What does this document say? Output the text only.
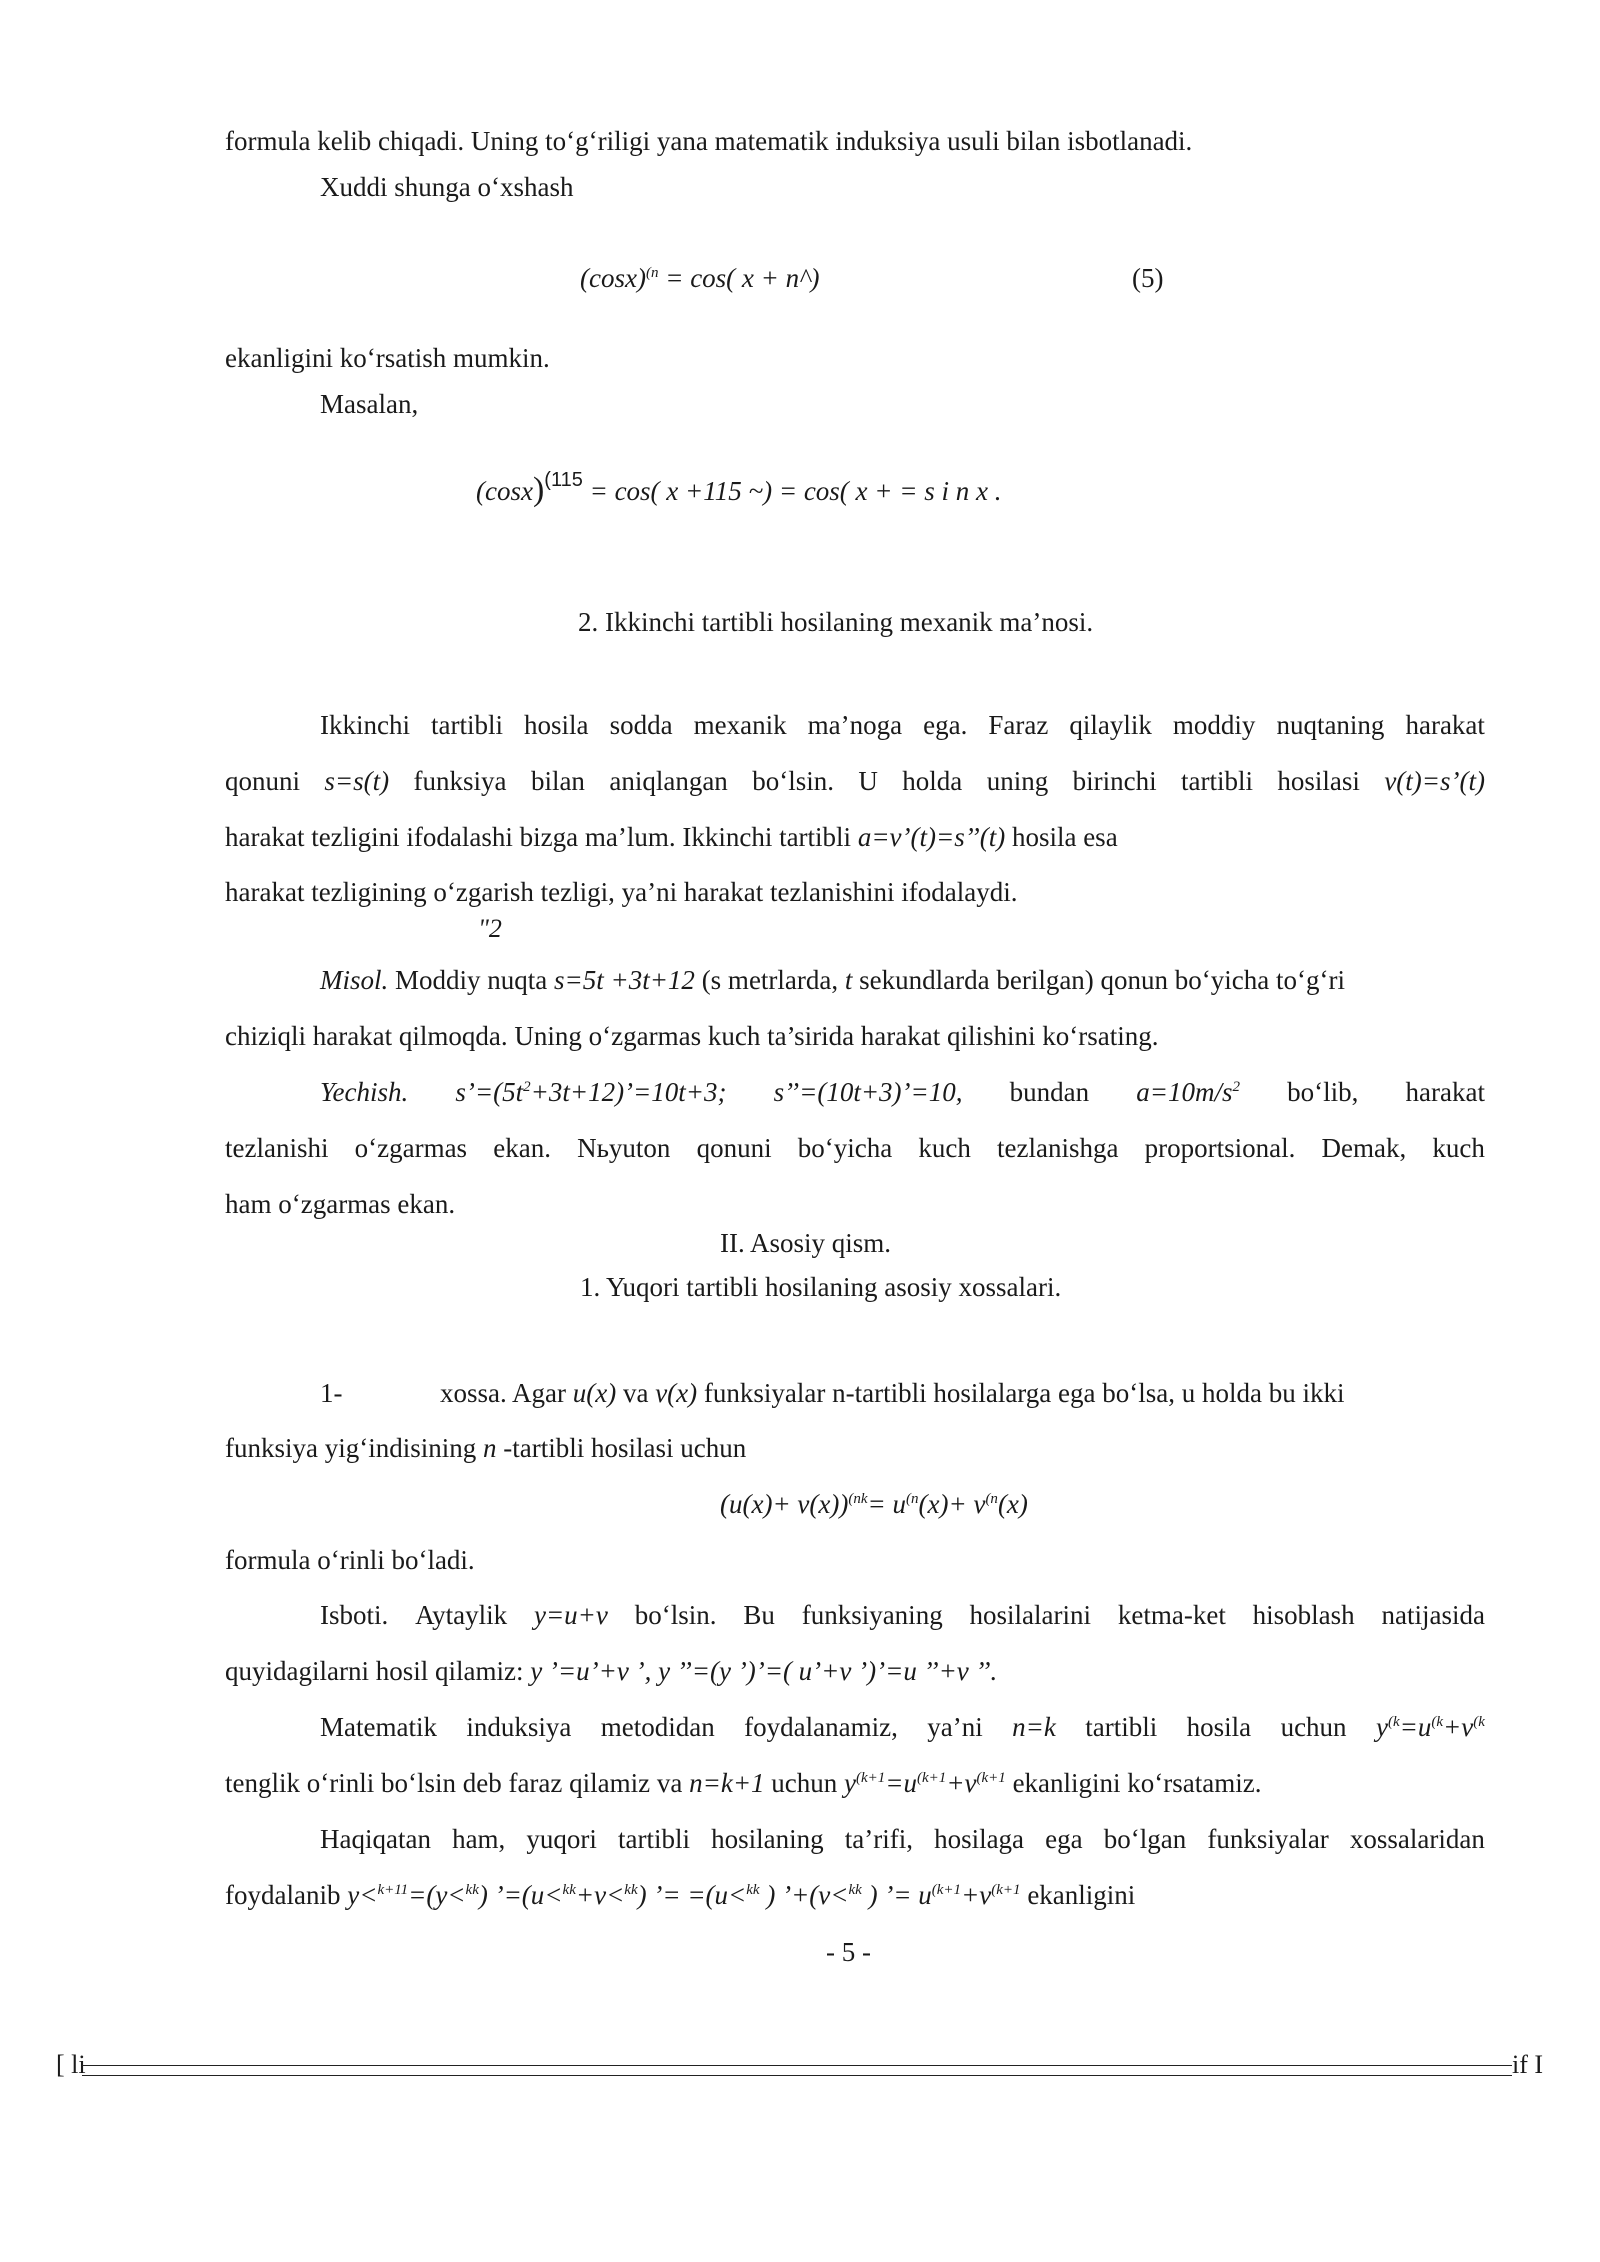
formula kelib chiqadi. Uning to‘g‘riligi yana matematik induksiya usuli bilan isbotlanadi.
Xuddi shunga o‘xshash
$(\cos x)^{(n} = \cos$( x + n^)	(5)
ekanligini ko‘rsatish mumkin.
Masalan,
$(\cos x)^{(115} = \cos$( x +115 ~) = cos( x + = s i n x .
2. Ikkinchi tartibli hosilaning mexanik ma’nosi.
Ikkinchi tartibli hosila sodda mexanik ma’noga ega. Faraz qilaylik moddiy nuqtaning harakat
qonuni s=s(t) funksiya bilan aniqlangan bo‘lsin. U holda uning birinchi tartibli hosilasi v(t)=s’(t)
harakat tezligini ifodalashi bizga ma’lum. Ikkinchi tartibli a=v’(t)=s’’(t) hosila esa
harakat tezligining o‘zgarish tezligi, ya’ni harakat tezlanishini ifodalaydi.
"2
Misol. Moddiy nuqta s=5t +3t+12 (s metrlarda, t sekundlarda berilgan) qonun bo‘yicha to‘g‘ri
chiziqli harakat qilmoqda. Uning o‘zgarmas kuch ta’sirida harakat qilishini ko‘rsating.
Yechish. $s’=(5t^2+3t+12)’=10t+3$; s’’=(10t+3)’=10, bundan $a=10m/s^2$ bo‘lib, harakat
tezlanishi o‘zgarmas ekan. Nьyuton qonuni bo‘yicha kuch tezlanishga proportsional. Demak, kuch
ham o‘zgarmas ekan.
II. Asosiy qism.
1. Yuqori tartibli hosilaning asosiy xossalari.
1-	xossa. Agar u(x) va v(x) funksiyalar n-tartibli hosilalarga ega bo‘lsa, u holda bu ikki
funksiya yig‘indisining n -tartibli hosilasi uchun
$(u(x)+ v(x))^{(nk}= u^{(n}(x)+ v^{(n}(x)$
formula o‘rinli bo‘ladi.
Isboti. Aytaylik y=u+v bo‘lsin. Bu funksiyaning hosilalarini ketma-ket hisoblash natijasida
quyidagilarni hosil qilamiz: y ’=u’+v ’, y ’’=(y ’)’=( u’+v ’)’=u ’’+v ’’.
Matematik induksiya metodidan foydalanamiz, ya’ni n=k tartibli hosila uchun $y^{(k}=u^{(k}+v^{(k}$
tenglik o‘rinli bo‘lsin deb faraz qilamiz va n=k+1 uchun $y^{(k+1}=u^{(k+1}+v^{(k+1}$ ekanligini ko‘rsatamiz.
Haqiqatan ham, yuqori tartibli hosilaning ta’rifi, hosilaga ega bo‘lgan funksiyalar xossalaridan
foydalanib y<$^{k+11}$=(y<$^{kk}$) ’=(u<$^{kk}$+v<$^{kk}$) ’= =(u<$^{kk}$ ) ’+(v<$^{kk}$ ) ’= $u^{(k+1}+v^{(k+1}$ ekanligini
- 5 -
[ li	if I
